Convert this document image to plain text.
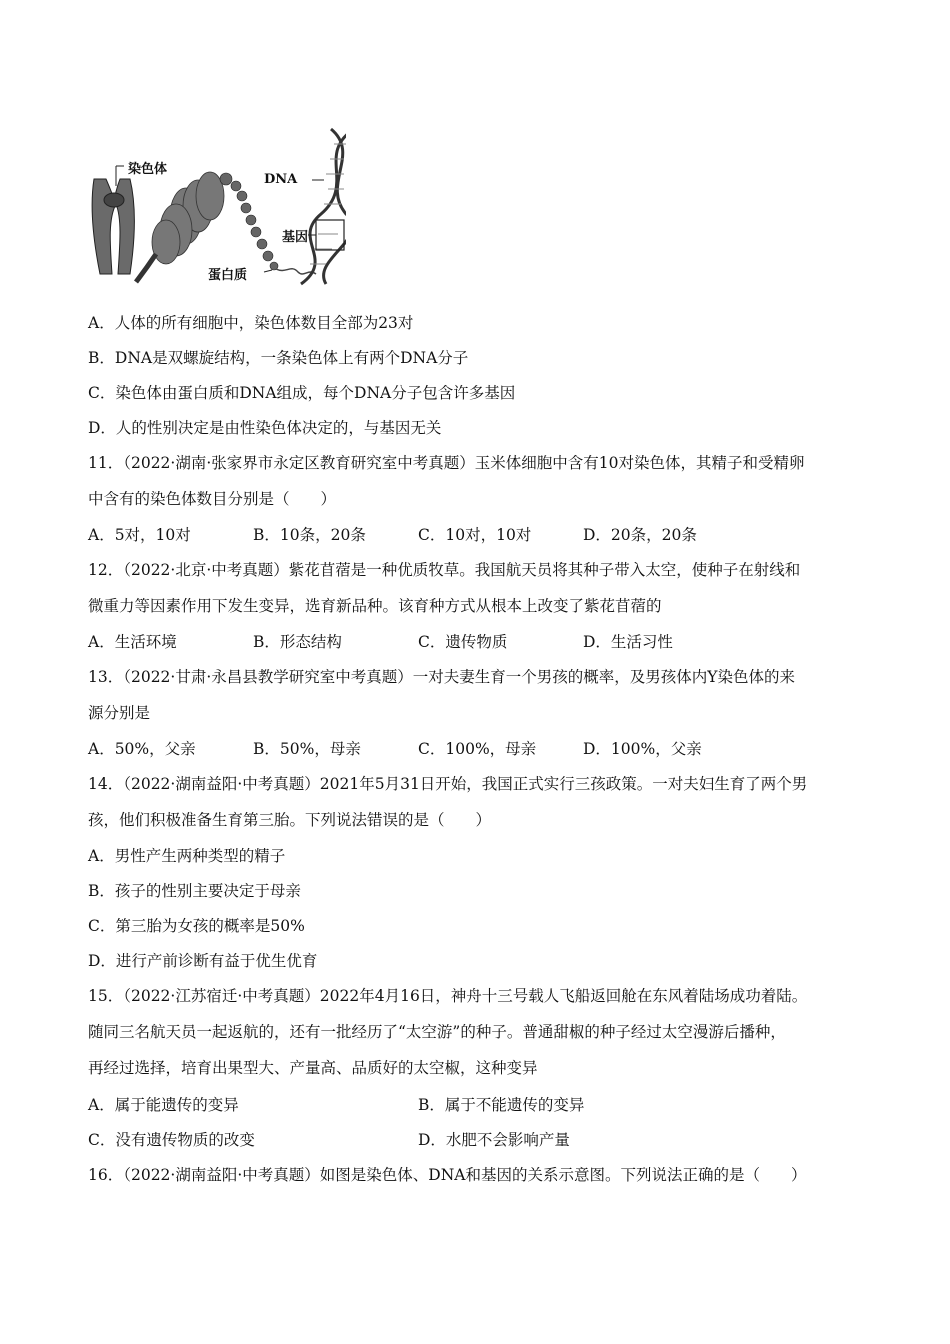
染色体
DNA
基因
蛋白质
A．人体的所有细胞中，染色体数目全部为23对
B．DNA是双螺旋结构，一条染色体上有两个DNA分子
C．染色体由蛋白质和DNA组成，每个DNA分子包含许多基因
D．人的性别决定是由性染色体决定的，与基因无关
11．（2022·湖南·张家界市永定区教育研究室中考真题）玉米体细胞中含有10对染色体，其精子和受精卵
中含有的染色体数目分别是（　　）
A．5对，10对	B．10条，20条	C．10对，10对	D．20条，20条
12．（2022·北京·中考真题）紫花苜蓿是一种优质牧草。我国航天员将其种子带入太空，使种子在射线和
微重力等因素作用下发生变异，选育新品种。该育种方式从根本上改变了紫花苜蓿的
A．生活环境	B．形态结构	C．遗传物质	D．生活习性
13．（2022·甘肃·永昌县教学研究室中考真题）一对夫妻生育一个男孩的概率，及男孩体内Y染色体的来
源分别是
A．50%，父亲	B．50%，母亲	C．100%，母亲	D．100%，父亲
14．（2022·湖南益阳·中考真题）2021年5月31日开始，我国正式实行三孩政策。一对夫妇生育了两个男
孩，他们积极准备生育第三胎。下列说法错误的是（　　）
A．男性产生两种类型的精子
B．孩子的性别主要决定于母亲
C．第三胎为女孩的概率是50%
D．进行产前诊断有益于优生优育
15．（2022·江苏宿迁·中考真题）2022年4月16日，神舟十三号载人飞船返回舱在东风着陆场成功着陆。
随同三名航天员一起返航的，还有一批经历了“太空游”的种子。普通甜椒的种子经过太空漫游后播种，
再经过选择，培育出果型大、产量高、品质好的太空椒，这种变异
A．属于能遗传的变异	B．属于不能遗传的变异
C．没有遗传物质的改变	D．水肥不会影响产量
16．（2022·湖南益阳·中考真题）如图是染色体、DNA和基因的关系示意图。下列说法正确的是（　　）
